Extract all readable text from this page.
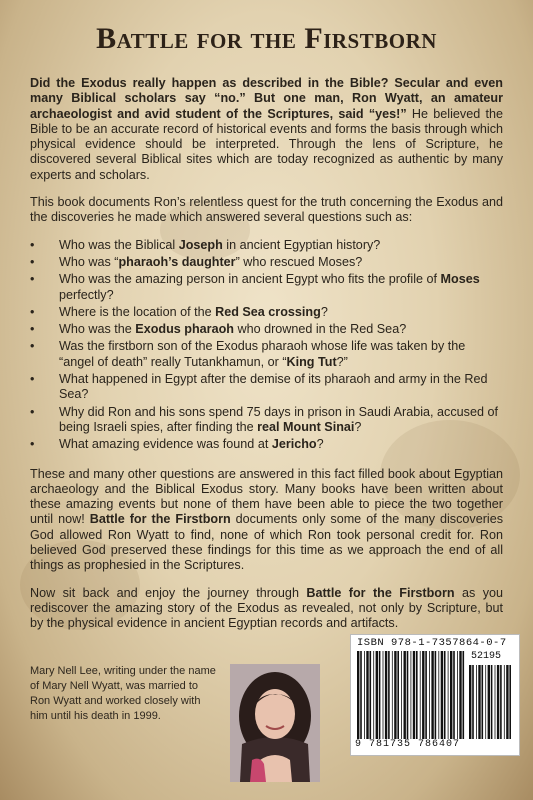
Battle for the Firstborn

Did the Exodus really happen as described in the Bible? Secular and even many Biblical scholars say “no.” But one man, Ron Wyatt, an amateur archaeologist and avid student of the Scriptures, said “yes!” He believed the Bible to be an accurate record of historical events and forms the basis through which physical evidence should be interpreted. Through the lens of Scripture, he discovered several Biblical sites which are today recognized as authentic by many experts and scholars.

This book documents Ron’s relentless quest for the truth concerning the Exodus and the discoveries he made which answered several questions such as:

• Who was the Biblical Joseph in ancient Egyptian history?
• Who was “pharaoh’s daughter” who rescued Moses?
• Who was the amazing person in ancient Egypt who fits the profile of Moses perfectly?
• Where is the location of the Red Sea crossing?
• Who was the Exodus pharaoh who drowned in the Red Sea?
• Was the firstborn son of the Exodus pharaoh whose life was taken by the “angel of death” really Tutankhamun, or “King Tut?”
• What happened in Egypt after the demise of its pharaoh and army in the Red Sea?
• Why did Ron and his sons spend 75 days in prison in Saudi Arabia, accused of being Israeli spies, after finding the real Mount Sinai?
• What amazing evidence was found at Jericho?

These and many other questions are answered in this fact filled book about Egyptian archaeology and the Biblical Exodus story. Many books have been written about these amazing events but none of them have been able to piece the two together until now! Battle for the Firstborn documents only some of the many discoveries God allowed Ron Wyatt to find, none of which Ron took personal credit for. Ron believed God preserved these findings for this time as we approach the end of all things as prophesied in the Scriptures.

Now sit back and enjoy the journey through Battle for the Firstborn as you rediscover the amazing story of the Exodus as revealed, not only by Scripture, but by the physical evidence in ancient Egyptian records and artifacts.

Mary Nell Lee, writing under the name of Mary Nell Wyatt, was married to Ron Wyatt and worked closely with him until his death in 1999.
ISBN 978-1-7357864-0-7
52195
9 781735 786407
